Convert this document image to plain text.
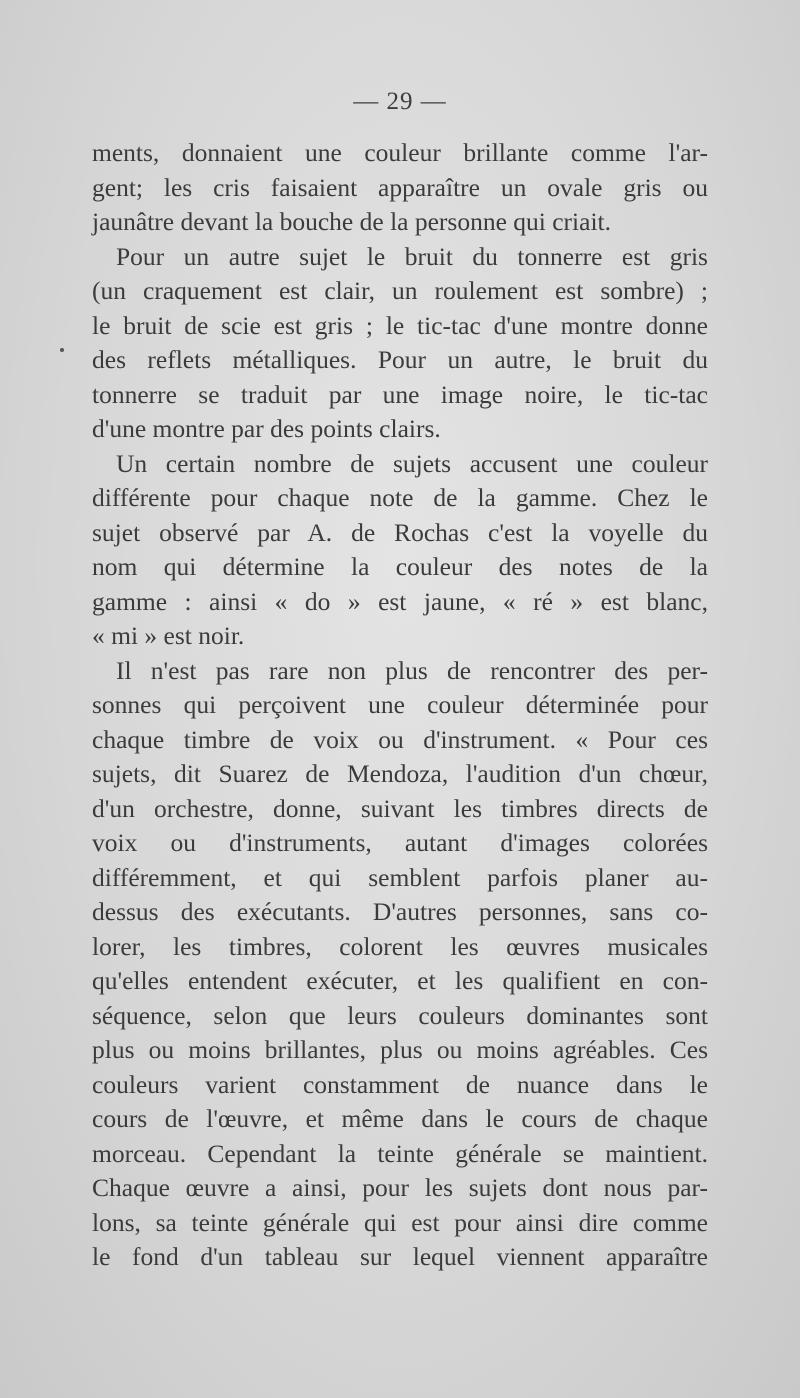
— 29 —
ments, donnaient une couleur brillante comme l'ar-
gent; les cris faisaient apparaître un ovale gris ou
jaunâtre devant la bouche de la personne qui criait.
Pour un autre sujet le bruit du tonnerre est gris
(un craquement est clair, un roulement est sombre) ;
le bruit de scie est gris ; le tic-tac d'une montre donne
des reflets métalliques. Pour un autre, le bruit du
tonnerre se traduit par une image noire, le tic-tac
d'une montre par des points clairs.
Un certain nombre de sujets accusent une couleur
différente pour chaque note de la gamme. Chez le
sujet observé par A. de Rochas c'est la voyelle du
nom qui détermine la couleur des notes de la
gamme : ainsi « do » est jaune, « ré » est blanc,
« mi » est noir.
Il n'est pas rare non plus de rencontrer des per-
sonnes qui perçoivent une couleur déterminée pour
chaque timbre de voix ou d'instrument. « Pour ces
sujets, dit Suarez de Mendoza, l'audition d'un chœur,
d'un orchestre, donne, suivant les timbres directs de
voix ou d'instruments, autant d'images colorées
différemment, et qui semblent parfois planer au-
dessus des exécutants. D'autres personnes, sans co-
lorer, les timbres, colorent les œuvres musicales
qu'elles entendent exécuter, et les qualifient en con-
séquence, selon que leurs couleurs dominantes sont
plus ou moins brillantes, plus ou moins agréables. Ces
couleurs varient constamment de nuance dans le
cours de l'œuvre, et même dans le cours de chaque
morceau. Cependant la teinte générale se maintient.
Chaque œuvre a ainsi, pour les sujets dont nous par-
lons, sa teinte générale qui est pour ainsi dire comme
le fond d'un tableau sur lequel viennent apparaître
